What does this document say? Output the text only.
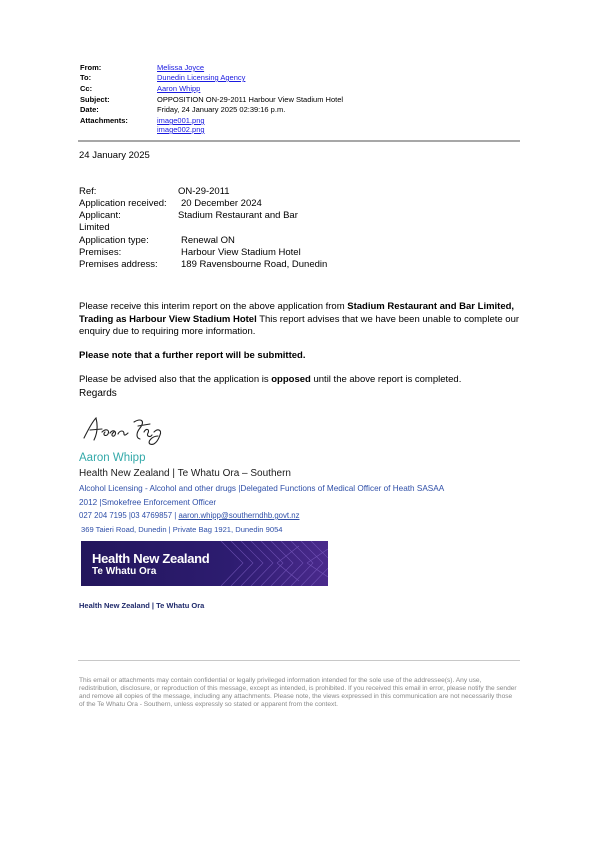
From:	Melissa Joyce
To:	Dunedin Licensing Agency
Cc:	Aaron Whipp
Subject:	OPPOSITION ON-29-2011 Harbour View Stadium Hotel
Date:	Friday, 24 January 2025 02:39:16 p.m.
Attachments:	image001.png
image002.png
24 January 2025
Ref:	ON-29-2011
Application received: 20 December 2024
Applicant:	Stadium Restaurant and Bar
Limited
Application type:	Renewal ON
Premises:	Harbour View Stadium Hotel
Premises address: 189 Ravensbourne Road, Dunedin

Please receive this interim report on the above application from Stadium Restaurant and Bar Limited, Trading as Harbour View Stadium Hotel This report advises that we have been unable to complete our enquiry due to requiring more information.

Please note that a further report will be submitted.

Please be advised also that the application is opposed until the above report is completed.

Regards
Aaron Whipp
Health New Zealand | Te Whatu Ora – Southern
Alcohol Licensing - Alcohol and other drugs |Delegated Functions of Medical Officer of Heath SASAA
2012 |Smokefree Enforcement Officer
027 204 7195 |03 4769857 | aaron.whipp@southerndhb.govt.nz
369 Taieri Road, Dunedin | Private Bag 1921, Dunedin 9054
Health New Zealand
Te Whatu Ora
Health New Zealand | Te Whatu Ora

This email or attachments may contain confidential or legally privileged information intended for the sole use of the addressee(s). Any use, redistribution, disclosure, or reproduction of this message, except as intended, is prohibited. If you received this email in error, please notify the sender and remove all copies of the message, including any attachments. Please note, the views expressed in this communication are not necessarily those of the Te Whatu Ora - Southern, unless expressly so stated or apparent from the context.
